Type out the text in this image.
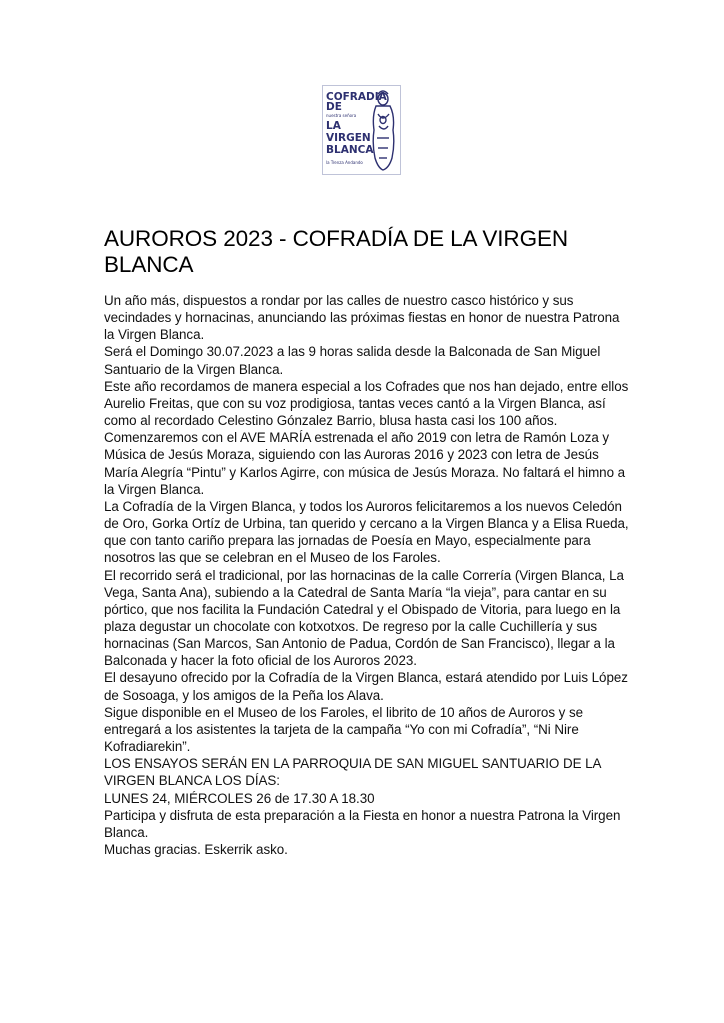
COFRADIA
DE
nuestra señora
LA
VIRGEN
BLANCA
la Trenza Andando
AUROROS 2023 - COFRADÍA DE LA VIRGEN BLANCA

Un año más, dispuestos a rondar por las calles de nuestro casco histórico y sus vecindades y hornacinas, anunciando las próximas fiestas en honor de nuestra Patrona la Virgen Blanca.

Será el Domingo 30.07.2023 a las 9 horas salida desde la Balconada de San Miguel Santuario de la Virgen Blanca.

Este año recordamos de manera especial a los Cofrades que nos han dejado, entre ellos Aurelio Freitas, que con su voz prodigiosa, tantas veces cantó a la Virgen Blanca, así como al recordado Celestino Gónzalez Barrio, blusa hasta casi los 100 años.

Comenzaremos con el AVE MARÍA estrenada el año 2019 con letra de Ramón Loza y Música de Jesús Moraza, siguiendo con las Auroras 2016 y 2023 con letra de Jesús María Alegría “Pintu” y Karlos Agirre, con música de Jesús Moraza. No faltará el himno a la Virgen Blanca.

La Cofradía de la Virgen Blanca, y todos los Auroros felicitaremos a los nuevos Celedón de Oro, Gorka Ortíz de Urbina, tan querido y cercano a la Virgen Blanca y a Elisa Rueda, que con tanto cariño prepara las jornadas de Poesía en Mayo, especialmente para nosotros las que se celebran en el Museo de los Faroles.

El recorrido será el tradicional, por las hornacinas de la calle Correría (Virgen Blanca, La Vega, Santa Ana), subiendo a la Catedral de Santa María “la vieja”, para cantar en su pórtico, que nos facilita la Fundación Catedral y el Obispado de Vitoria, para luego en la plaza degustar un chocolate con kotxotxos. De regreso por la calle Cuchillería y sus hornacinas (San Marcos, San Antonio de Padua, Cordón de San Francisco), llegar a la Balconada y hacer la foto oficial de los Auroros 2023.

El desayuno ofrecido por la Cofradía de la Virgen Blanca, estará atendido por Luis López de Sosoaga, y los amigos de la Peña los Alava.

Sigue disponible en el Museo de los Faroles, el librito de 10 años de Auroros y se entregará a los asistentes la tarjeta de la campaña “Yo con mi Cofradía”, “Ni Nire Kofradiarekin”.

LOS ENSAYOS SERÁN EN LA PARROQUIA DE SAN MIGUEL SANTUARIO DE LA VIRGEN BLANCA LOS DÍAS:

LUNES 24, MIÉRCOLES 26 de 17.30 A 18.30

Participa y disfruta de esta preparación a la Fiesta en honor a nuestra Patrona la Virgen Blanca.

Muchas gracias. Eskerrik asko.
